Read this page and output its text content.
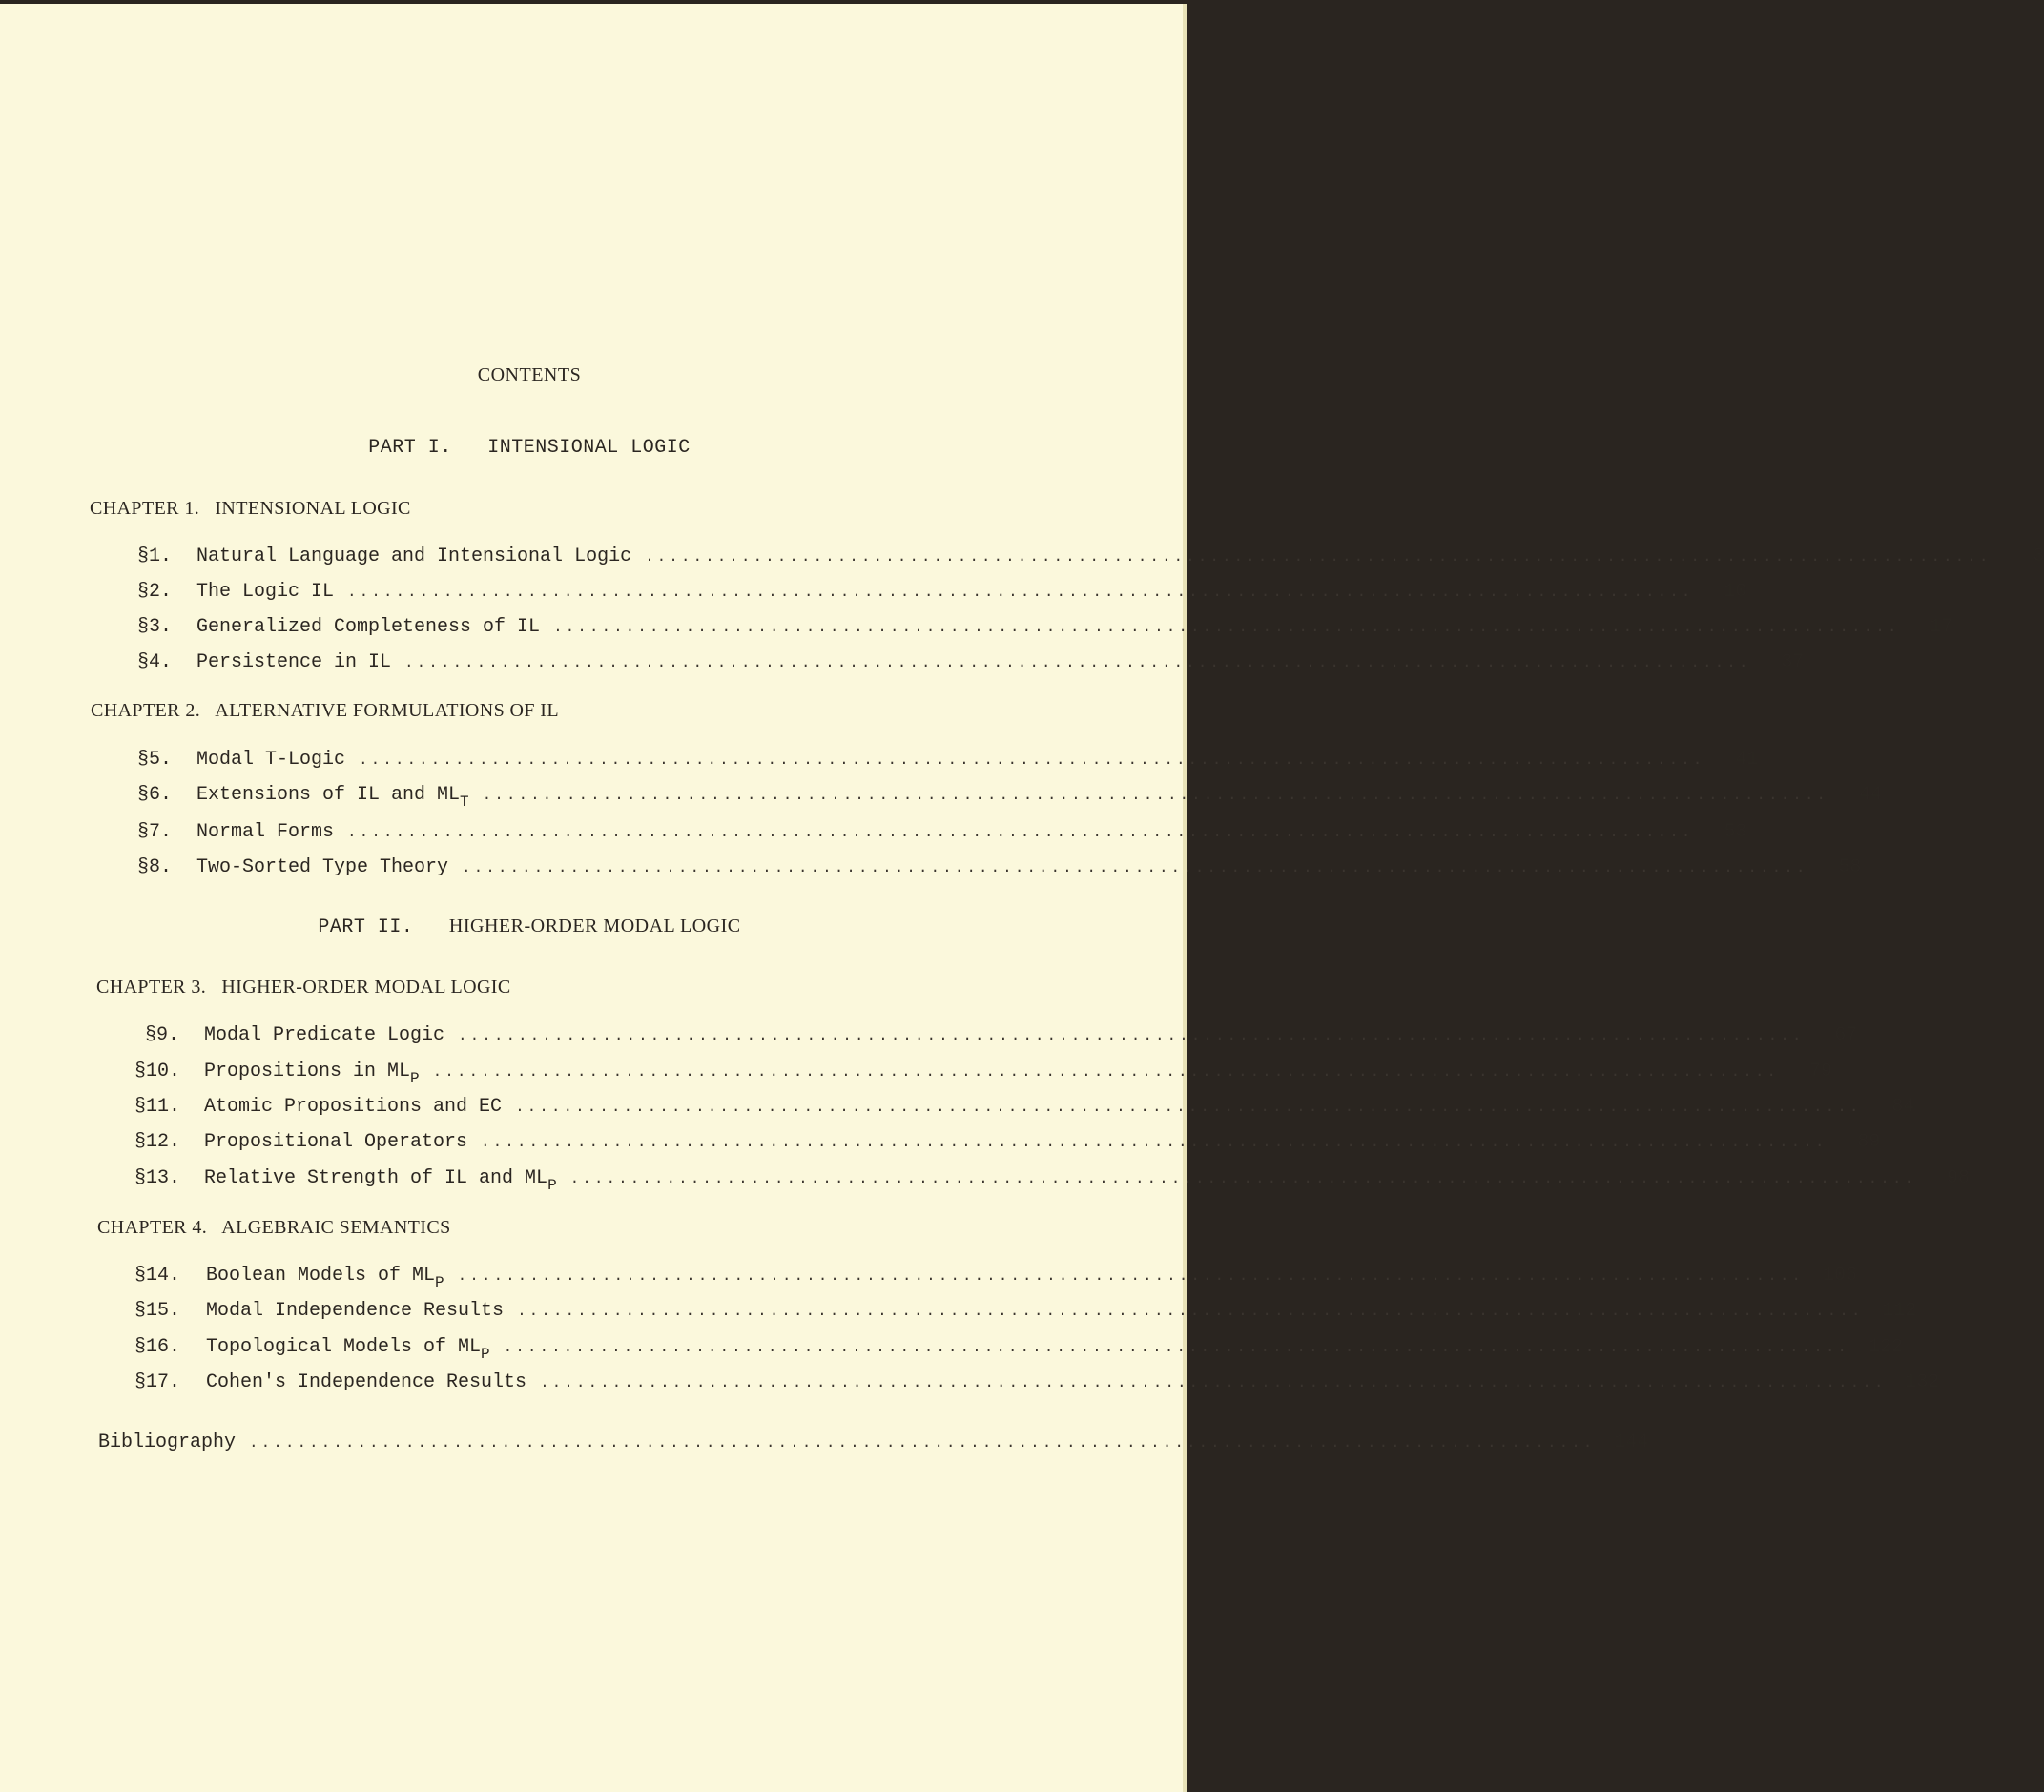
CONTENTS
PART I. INTENSIONAL LOGIC
CHAPTER 1. INTENSIONAL LOGIC
§1.	Natural Language and Intensional Logic ................................................................................................................	3
§2.	The Logic IL ................................................................................................................	10
§3.	Generalized Completeness of IL ................................................................................................................	17
§4.	Persistence in IL ................................................................................................................	37
CHAPTER 2. ALTERNATIVE FORMULATIONS OF IL
§5.	Modal T-Logic ................................................................................................................	41
§6.	Extensions of IL and $ML_T$ ................................................................................................................	44
§7.	Normal Forms ................................................................................................................	53
§8.	Two-Sorted Type Theory ................................................................................................................	58
PART II. HIGHER-ORDER MODAL LOGIC
CHAPTER 3. HIGHER-ORDER MODAL LOGIC
§9.	Modal Predicate Logic ................................................................................................................	67
§10.	Propositions in $ML_P$ ................................................................................................................	79
§11.	Atomic Propositions and EC ................................................................................................................	84
§12.	Propositional Operators ................................................................................................................	89
§13.	Relative Strength of IL and $ML_P$ ................................................................................................................	98
CHAPTER 4. ALGEBRAIC SEMANTICS
§14.	Boolean Models of $ML_P$ ................................................................................................................ 106
§15.	Modal Independence Results ................................................................................................................ 112
§16.	Topological Models of $ML_P$ ................................................................................................................ 122
§17.	Cohen's Independence Results ................................................................................................................ 132
Bibliography ................................................................................................................ 144
